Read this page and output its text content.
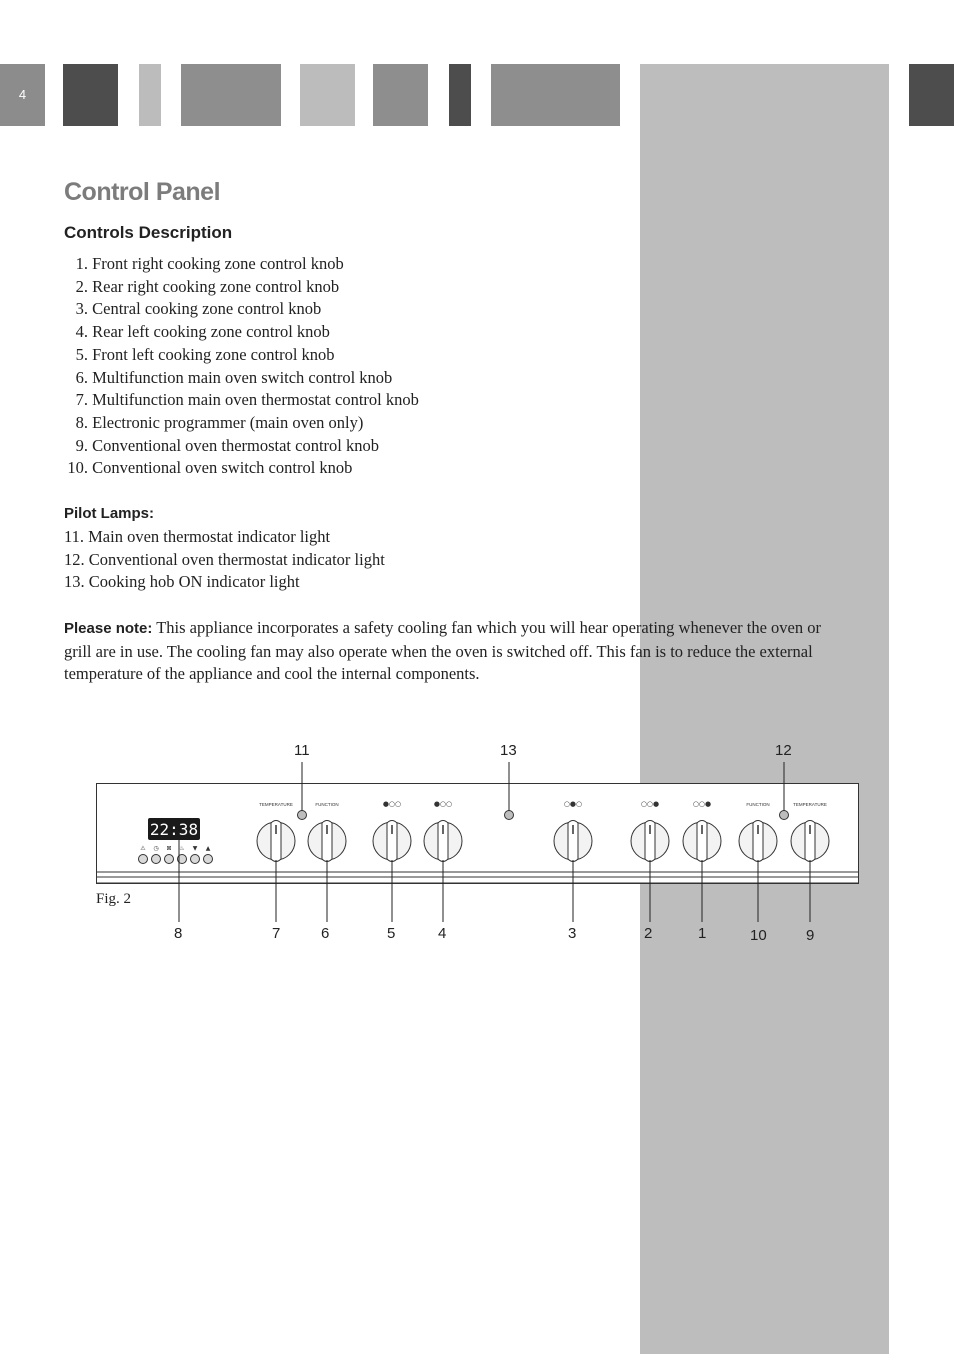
4
Control Panel
Controls Description
1. Front right cooking zone control knob
2. Rear right cooking zone control knob
3. Central cooking zone control knob
4. Rear left cooking zone control knob
5. Front left cooking zone control knob
6. Multifunction main oven switch control knob
7. Multifunction main oven thermostat control knob
8. Electronic programmer (main oven only)
9. Conventional oven thermostat control knob
10. Conventional oven switch control knob
Pilot Lamps:
11. Main oven thermostat indicator light
12. Conventional oven thermostat indicator light
13. Cooking hob ON indicator light

Please note: This appliance incorporates a safety cooling fan which you will hear operating whenever the oven or grill are in use. The cooling fan may also operate when the oven is switched off. This fan is to reduce the external temperature of the appliance and cool the internal components.

22:38
⚠ ◷ ⊠ ♨ ▼ ▲
TEMPERATURE	FUNCTION	FUNCTION	TEMPERATURE
●○○	●○○	○●○	○○●	○○●
11	13	12
8	7	6	5	4	3	2	1	10	9
Fig. 2
